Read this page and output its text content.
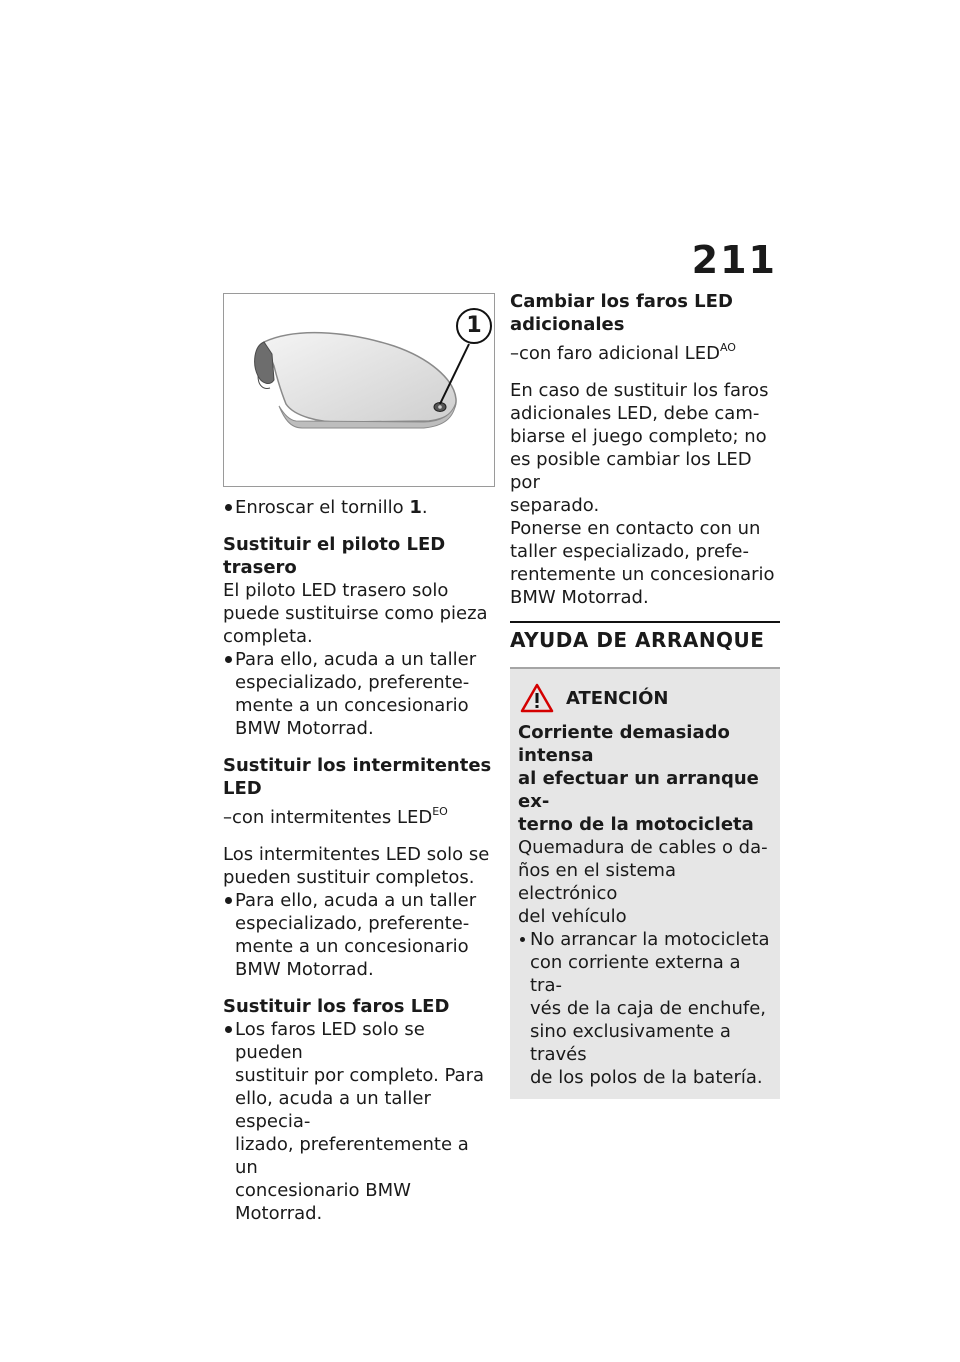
211
1

Enroscar el tornillo 1.

Sustituir el piloto LED trasero

El piloto LED trasero solo
puede sustituirse como pieza
completa.

Para ello, acuda a un taller
especializado, preferente-
mente a un concesionario
BMW Motorrad.

Sustituir los intermitentes LED

–con intermitentes $LED^{EO}$

Los intermitentes LED solo se
pueden sustituir completos.

Para ello, acuda a un taller
especializado, preferente-
mente a un concesionario
BMW Motorrad.

Sustituir los faros LED

Los faros LED solo se pueden
sustituir por completo. Para
ello, acuda a un taller especia-
lizado, preferentemente a un
concesionario BMW Motorrad.

Cambiar los faros LED
adicionales

–con faro adicional $LED^{AO}$

En caso de sustituir los faros
adicionales LED, debe cam-
biarse el juego completo; no
es posible cambiar los LED por
separado.

Ponerse en contacto con un
taller especializado, prefe-
rentemente un concesionario
BMW Motorrad.

AYUDA DE ARRANQUE

ATENCIÓN

Corriente demasiado intensa
al efectuar un arranque ex-
terno de la motocicleta

Quemadura de cables o da-
ños en el sistema electrónico
del vehículo

No arrancar la motocicleta
con corriente externa a tra-
vés de la caja de enchufe,
sino exclusivamente a través
de los polos de la batería.
